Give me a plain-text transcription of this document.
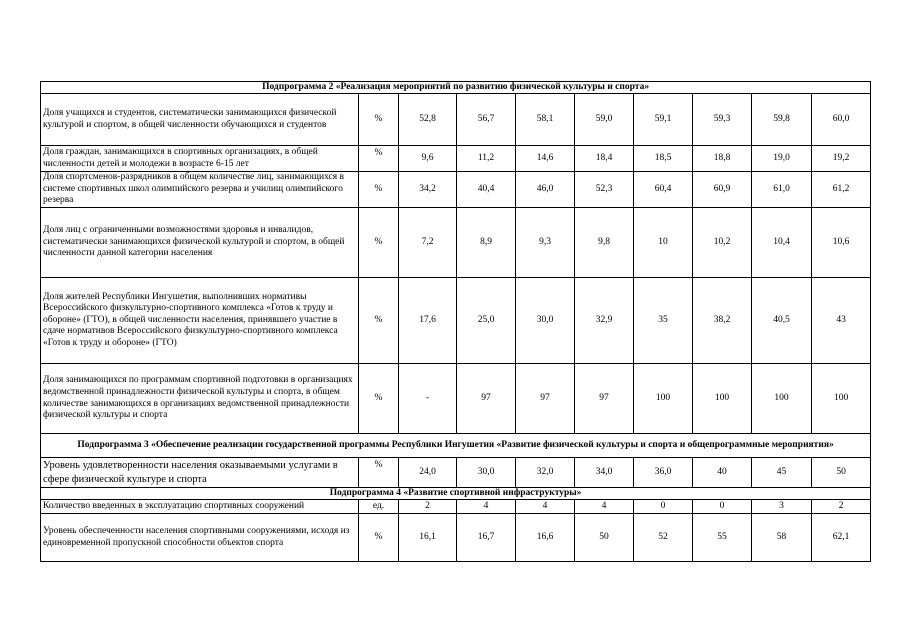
Подпрограмма 2 «Реализация мероприятий по развитию физической культуры и спорта»									
Доля учащихся и студентов, систематически занимающихся физической культурой и спортом, в общей численности обучающихся и студентов	%	52,8	56,7	58,1	59,0	59,1	59,3	59,8	60,0
Доля граждан, занимающихся в спортивных организациях, в общей численности детей и молодежи в возрасте 6-15 лет	%	9,6	11,2	14,6	18,4	18,5	18,8	19,0	19,2
Доля спортсменов-разрядников в общем количестве лиц, занимающихся в системе спортивных школ олимпийского резерва и училищ олимпийского резерва	%	34,2	40,4	46,0	52,3	60,4	60,9	61,0	61,2
Доля лиц с ограниченными возможностями здоровья и инвалидов, систематически занимающихся физической культурой и спортом, в общей численности данной категории населения	%	7,2	8,9	9,3	9,8	10	10,2	10,4	10,6
Доля жителей Республики Ингушетия, выполнивших нормативы Всероссийского физкультурно-спортивного комплекса «Готов к труду и обороне» (ГТО), в общей численности населения, принявшего участие в сдаче нормативов Всероссийского физкультурно-спортивного комплекса «Готов к труду и обороне» (ГТО)	%	17,6	25,0	30,0	32,9	35	38,2	40,5	43
Доля занимающихся по программам спортивной подготовки в организациях ведомственной принадлежности физической культуры и спорта, в общем количестве занимающихся в организациях ведомственной принадлежности физической культуры и спорта	%	-	97	97	97	100	100	100	100
Подпрограмма 3 «Обеспечение реализации государственной программы Республики Ингушетия «Развитие физической культуры и спорта и общепрограммные мероприятия»									
Уровень удовлетворенности населения оказываемыми услугами в сфере физической культуре и спорта	%	24,0	30,0	32,0	34,0	36,0	40	45	50
Подпрограмма 4 «Развитие спортивной инфраструктуры»									
Количество введенных в эксплуатацию спортивных сооружений	ед.	2	4	4	4	0	0	3	2
Уровень обеспеченности населения спортивными сооружениями, исходя из единовременной пропускной способности объектов спорта	%	16,1	16,7	16,6	50	52	55	58	62,1
